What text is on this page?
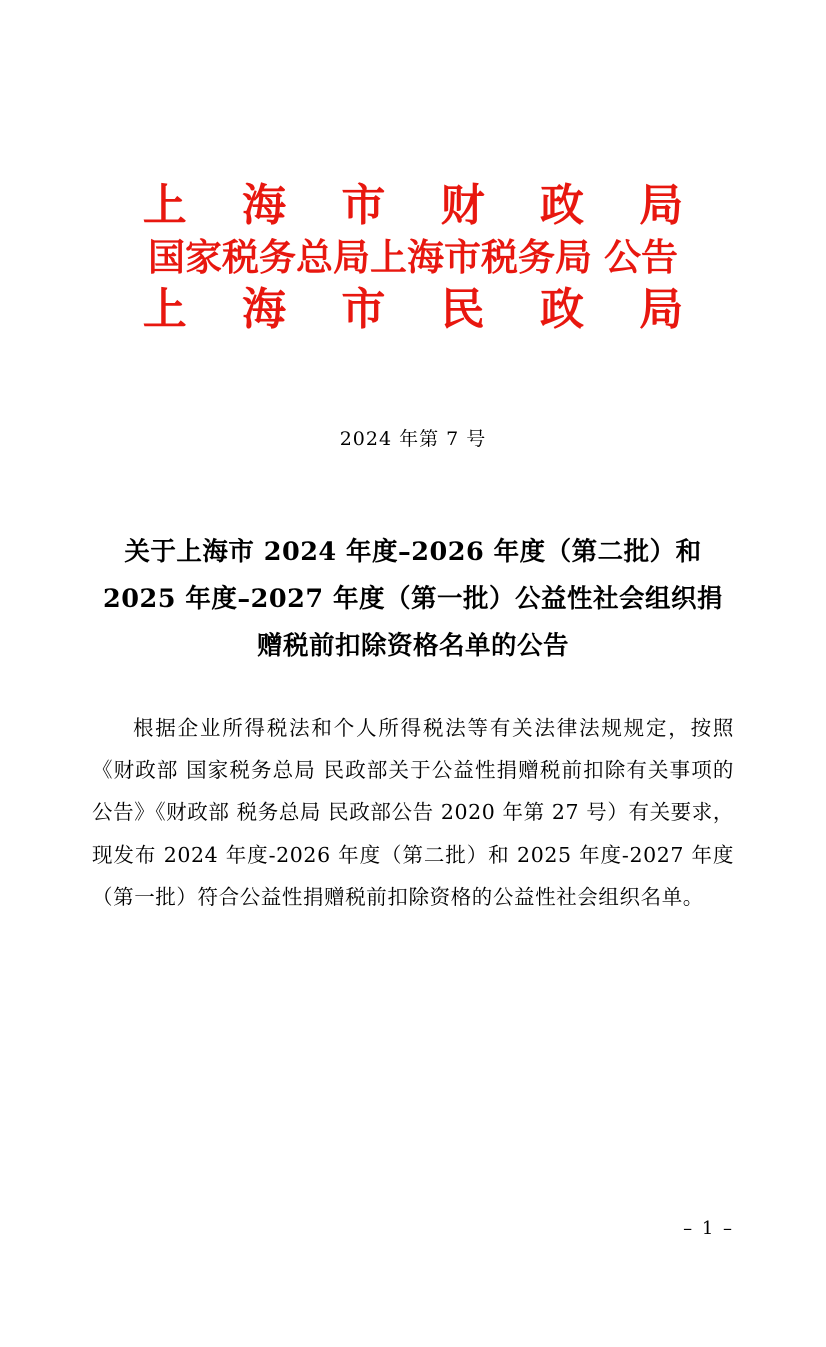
上 海 市 财 政 局
国家税务总局上海市税务局 公告
上 海 市 民 政 局
2024 年第 7 号
关于上海市 2024 年度–2026 年度（第二批）和 2025 年度–2027 年度（第一批）公益性社会组织捐赠税前扣除资格名单的公告

根据企业所得税法和个人所得税法等有关法律法规规定，按照《财政部 国家税务总局 民政部关于公益性捐赠税前扣除有关事项的公告》《财政部 税务总局 民政部公告 2020 年第 27 号）有关要求，现发布 2024 年度-2026 年度（第二批）和 2025 年度-2027 年度（第一批）符合公益性捐赠税前扣除资格的公益性社会组织名单。

– 1 –
